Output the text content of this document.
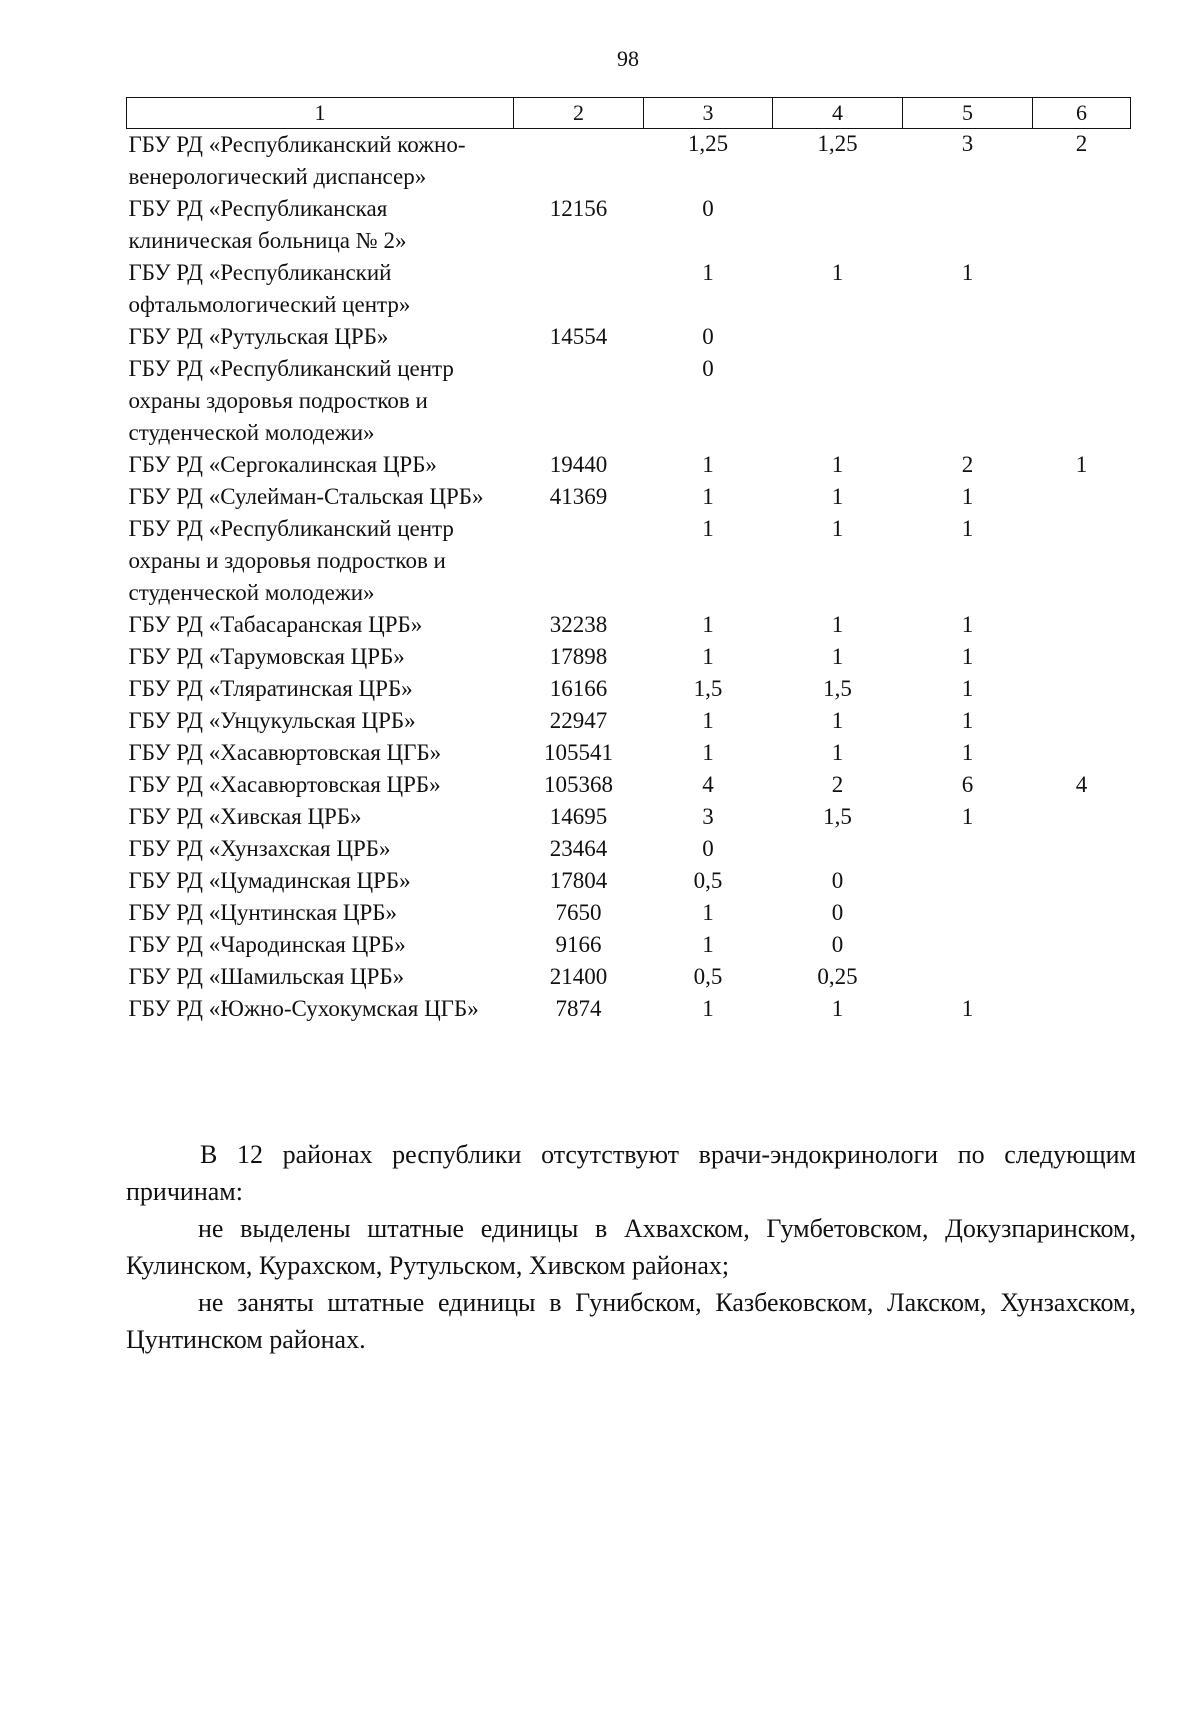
98
1	2	3	4	5	6
ГБУ РД «Республиканский кожно-венерологический диспансер»		1,25	1,25	3	2
ГБУ РД «Республиканская клиническая больница № 2»	12156	0			
ГБУ РД «Республиканский офтальмологический центр»		1	1	1	
ГБУ РД «Рутульская ЦРБ»	14554	0			
ГБУ РД «Республиканский центр охраны здоровья подростков и студенческой молодежи»		0			
ГБУ РД «Сергокалинская ЦРБ»	19440	1	1	2	1
ГБУ РД «Сулейман-Стальская ЦРБ»	41369	1	1	1	
ГБУ РД «Республиканский центр охраны и здоровья подростков и студенческой молодежи»		1	1	1	
ГБУ РД «Табасаранская ЦРБ»	32238	1	1	1	
ГБУ РД «Тарумовская ЦРБ»	17898	1	1	1	
ГБУ РД «Тляратинская ЦРБ»	16166	1,5	1,5	1	
ГБУ РД «Унцукульская ЦРБ»	22947	1	1	1	
ГБУ РД «Хасавюртовская ЦГБ»	105541	1	1	1	
ГБУ РД «Хасавюртовская ЦРБ»	105368	4	2	6	4
ГБУ РД «Хивская ЦРБ»	14695	3	1,5	1	
ГБУ РД «Хунзахская ЦРБ»	23464	0			
ГБУ РД «Цумадинская ЦРБ»	17804	0,5	0		
ГБУ РД «Цунтинская ЦРБ»	7650	1	0		
ГБУ РД «Чародинская ЦРБ»	9166	1	0		
ГБУ РД «Шамильская ЦРБ»	21400	0,5	0,25		
ГБУ РД «Южно-Сухокумская ЦГБ»	7874	1	1	1	

В 12 районах республики отсутствуют врачи-эндокринологи по следующим причинам:

не выделены штатные единицы в Ахвахском, Гумбетовском, Докузпаринском, Кулинском, Курахском, Рутульском, Хивском районах;

не заняты штатные единицы в Гунибском, Казбековском, Лакском, Хунзахском, Цунтинском районах.
